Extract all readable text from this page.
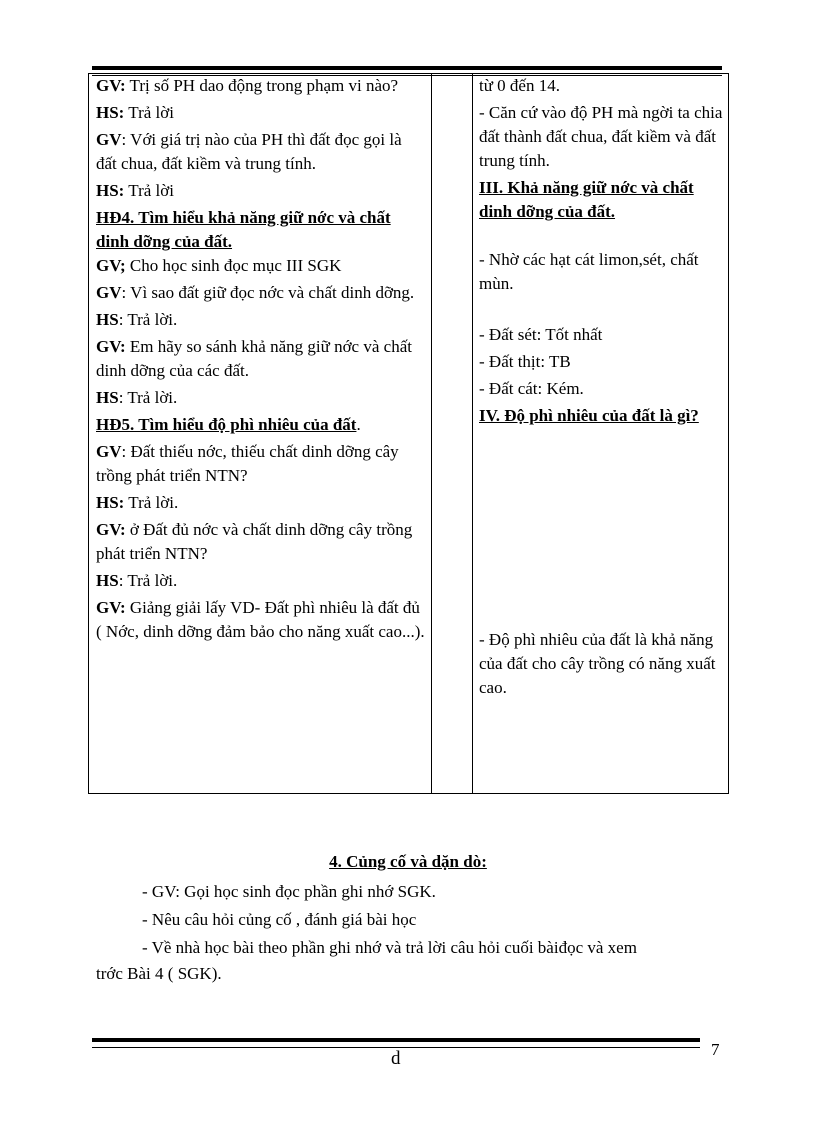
GV: Trị số PH dao động trong phạm vi nào?

HS: Trả lời

GV: Với giá trị nào của PH thì đất đọc gọi là đất chua, đất kiềm và trung tính.

HS: Trả lời

HĐ4. Tìm hiểu khả năng giữ nớc và chất dinh dỡng của đất.

GV; Cho học sinh đọc mục III SGK

GV: Vì sao đất giữ đọc nớc và chất dinh dỡng.

HS: Trả lời.

GV: Em hãy so sánh khả năng giữ nớc và chất dinh dỡng của các đất.

HS: Trả lời.

HĐ5. Tìm hiểu độ phì nhiêu của đất.

GV: Đất thiếu nớc, thiếu chất dinh dỡng cây trồng phát triển NTN?

HS: Trả lời.

GV: ở Đất đủ nớc và chất dinh dỡng cây trồng phát triển NTN?

HS: Trả lời.

GV: Giảng giải lấy VD- Đất phì nhiêu là đất đủ ( Nớc, dinh dỡng đảm bảo cho năng xuất cao...).

từ 0 đến 14.

- Căn cứ vào độ PH mà ngời ta chia đất thành đất chua, đất kiềm và đất trung tính.

III. Khả năng giữ nớc và chất dinh dỡng của đất.

- Nhờ các hạt cát limon,sét, chất mùn.

- Đất sét: Tốt nhất

- Đất thịt: TB

- Đất cát: Kém.

IV. Độ phì nhiêu của đất là gì?

- Độ phì nhiêu của đất là khả năng của đất cho cây trồng có năng xuất cao.

4. Củng cố và dặn dò:
- GV: Gọi học sinh đọc phần ghi nhớ SGK.
- Nêu câu hỏi củng cố , đánh giá bài học
- Về nhà học bài theo phần ghi nhớ và trả lời câu hỏi cuối bàiđọc và xem
trớc Bài 4 ( SGK).
7
d
